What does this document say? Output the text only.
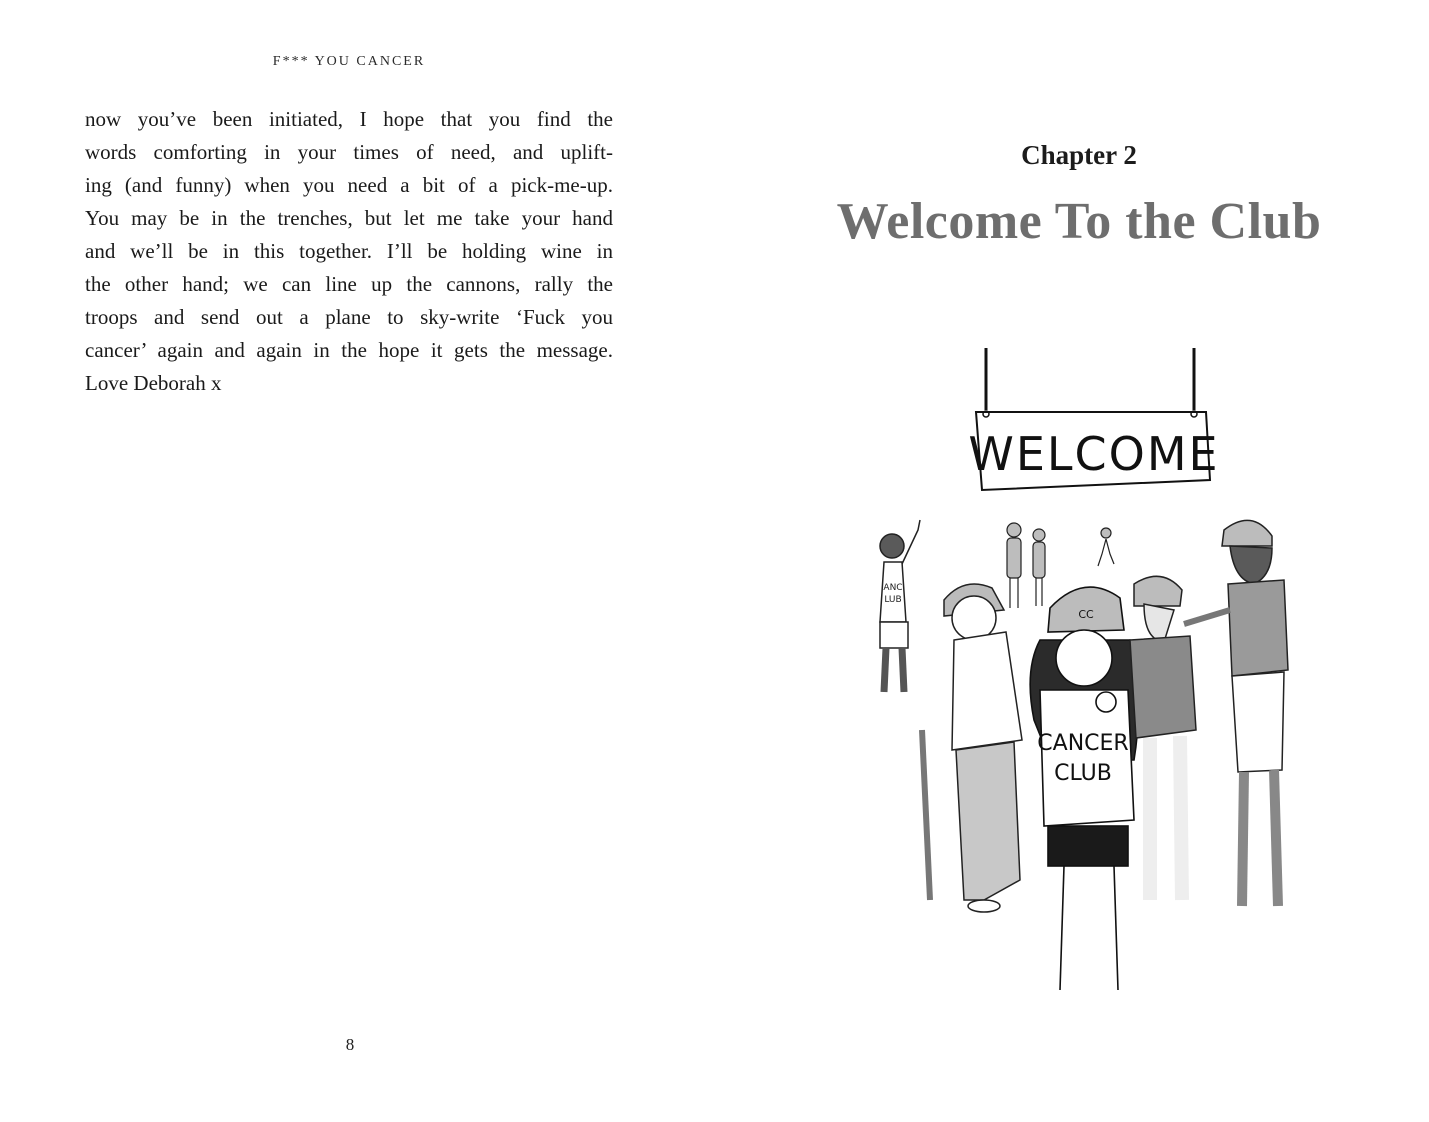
F*** YOU CANCER
now you’ve been initiated, I hope that you find the
words comforting in your times of need, and uplift-
ing (and funny) when you need a bit of a pick-me-up.
You may be in the trenches, but let me take your hand
and we’ll be in this together. I’ll be holding wine in
the other hand; we can line up the cannons, rally the
troops and send out a plane to sky-write ‘Fuck you
cancer’ again and again in the hope it gets the message.
Love Deborah x
8
Chapter 2
Welcome To the Club
WELCOME
ANC
LUB
CC
CANCER
CLUB
